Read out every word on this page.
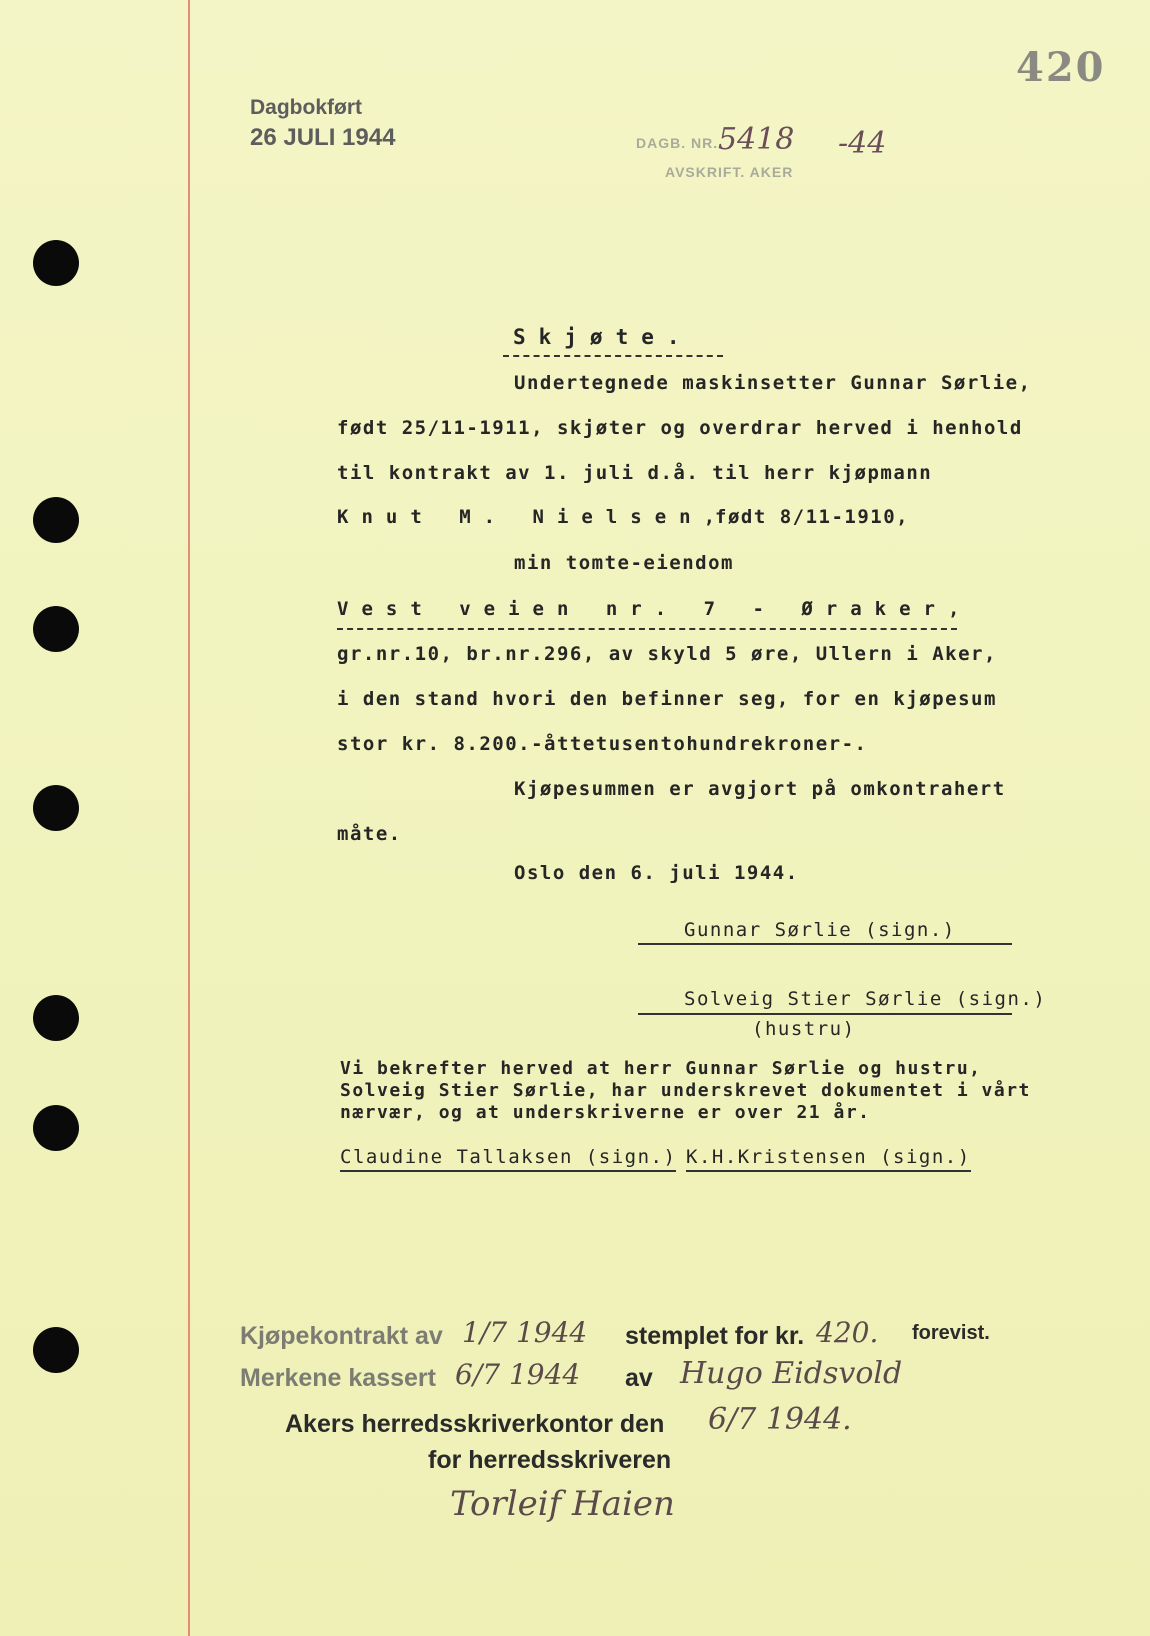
420
Dagbokført
26 JULI 1944	DAGB. NR. 5418 -44
AVSKRIFT. AKER
Skjøte.
Undertegnede maskinsetter Gunnar Sørlie,
født 25/11-1911, skjøter og overdrar herved i henhold
til kontrakt av 1. juli d.å. til herr kjøpmann
Knut M. Nielsen,
født 8/11-1910,
min tomte-eiendom
Vest veien nr. 7 - Øraker,
gr.nr.10, br.nr.296, av skyld 5 øre, Ullern i Aker,
i den stand hvori den befinner seg, for en kjøpesum
stor kr. 8.200.-åttetusentohundrekroner-.
Kjøpesummen er avgjort på omkontrahert
måte.
Oslo den 6. juli 1944.
Gunnar Sørlie (sign.)
Solveig Stier Sørlie (sign.)
(hustru)
Vi bekrefter herved at herr Gunnar Sørlie og hustru,
Solveig Stier Sørlie, har underskrevet dokumentet i vårt
nærvær, og at underskriverne er over 21 år.
Claudine Tallaksen (sign.) K.H.Kristensen (sign.)
Kjøpekontrakt av 1/7 1944 stemplet for kr. 420. forevist.
Merkene kassert 6/7 1944 av Hugo Eidsvold
Akers herredsskriverkontor den 6/7 1944.
for herredsskriveren
Torleif Haien
